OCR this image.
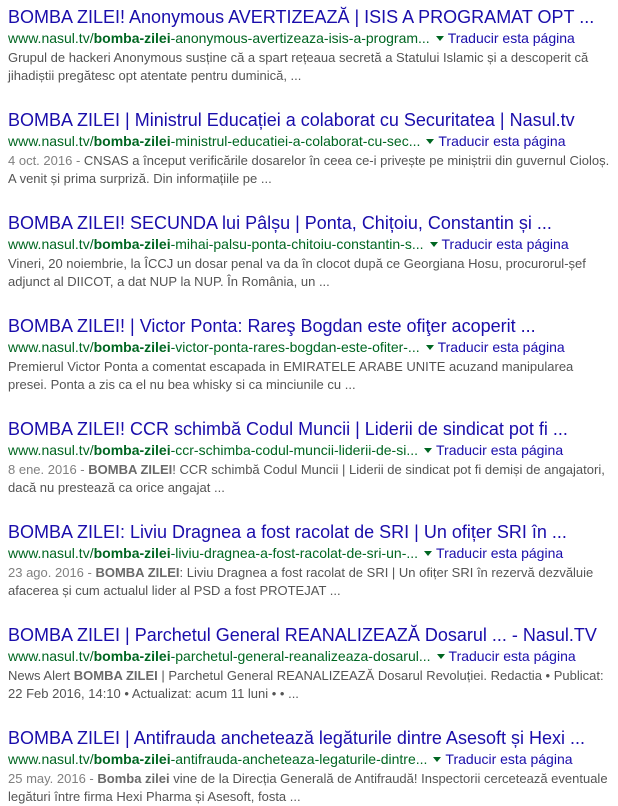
BOMBA ZILEI! Anonymous AVERTIZEAZĂ | ISIS A PROGRAMAT OPT ...
www.nasul.tv/bomba-zilei-anonymous-avertizeaza-isis-a-program... Traducir esta página
Grupul de hackeri Anonymous susține că a spart rețeaua secretă a Statului Islamic și a descoperit că jihadiștii pregătesc opt atentate pentru duminică, ...
BOMBA ZILEI | Ministrul Educației a colaborat cu Securitatea | Nasul.tv
www.nasul.tv/bomba-zilei-ministrul-educatiei-a-colaborat-cu-sec... Traducir esta página
4 oct. 2016 - CNSAS a început verificările dosarelor în ceea ce-i privește pe miniștrii din guvernul Cioloș. A venit și prima surpriză. Din informațiile pe ...
BOMBA ZILEI! SECUNDA lui Pâlșu | Ponta, Chițoiu, Constantin și ...
www.nasul.tv/bomba-zilei-mihai-palsu-ponta-chitoiu-constantin-s... Traducir esta página
Vineri, 20 noiembrie, la ÎCCJ un dosar penal va da în clocot după ce Georgiana Hosu, procurorul-șef adjunct al DIICOT, a dat NUP la NUP. În România, un ...
BOMBA ZILEI! | Victor Ponta: Rareş Bogdan este ofiţer acoperit ...
www.nasul.tv/bomba-zilei-victor-ponta-rares-bogdan-este-ofiter-... Traducir esta página
Premierul Victor Ponta a comentat escapada in EMIRATELE ARABE UNITE acuzand manipularea presei. Ponta a zis ca el nu bea whisky si ca minciunile cu ...
BOMBA ZILEI! CCR schimbă Codul Muncii | Liderii de sindicat pot fi ...
www.nasul.tv/bomba-zilei-ccr-schimba-codul-muncii-liderii-de-si... Traducir esta página
8 ene. 2016 - BOMBA ZILEI! CCR schimbă Codul Muncii | Liderii de sindicat pot fi demiși de angajatori, dacă nu prestează ca orice angajat ...
BOMBA ZILEI: Liviu Dragnea a fost racolat de SRI | Un ofițer SRI în ...
www.nasul.tv/bomba-zilei-liviu-dragnea-a-fost-racolat-de-sri-un-... Traducir esta página
23 ago. 2016 - BOMBA ZILEI: Liviu Dragnea a fost racolat de SRI | Un ofițer SRI în rezervă dezvăluie afacerea și cum actualul lider al PSD a fost PROTEJAT ...
BOMBA ZILEI | Parchetul General REANALIZEAZĂ Dosarul ... - Nasul.TV
www.nasul.tv/bomba-zilei-parchetul-general-reanalizeaza-dosarul... Traducir esta página
News Alert BOMBA ZILEI | Parchetul General REANALIZEAZĂ Dosarul Revoluției. Redactia • Publicat: 22 Feb 2016, 14:10 • Actualizat: acum 11 luni • • ...
BOMBA ZILEI | Antifrauda anchetează legăturile dintre Asesoft și Hexi ...
www.nasul.tv/bomba-zilei-antifrauda-ancheteaza-legaturile-dintre... Traducir esta página
25 may. 2016 - Bomba zilei vine de la Direcția Generală de Antifraudă! Inspectorii cercetează eventuale legături între firma Hexi Pharma și Asesoft, fosta ...
